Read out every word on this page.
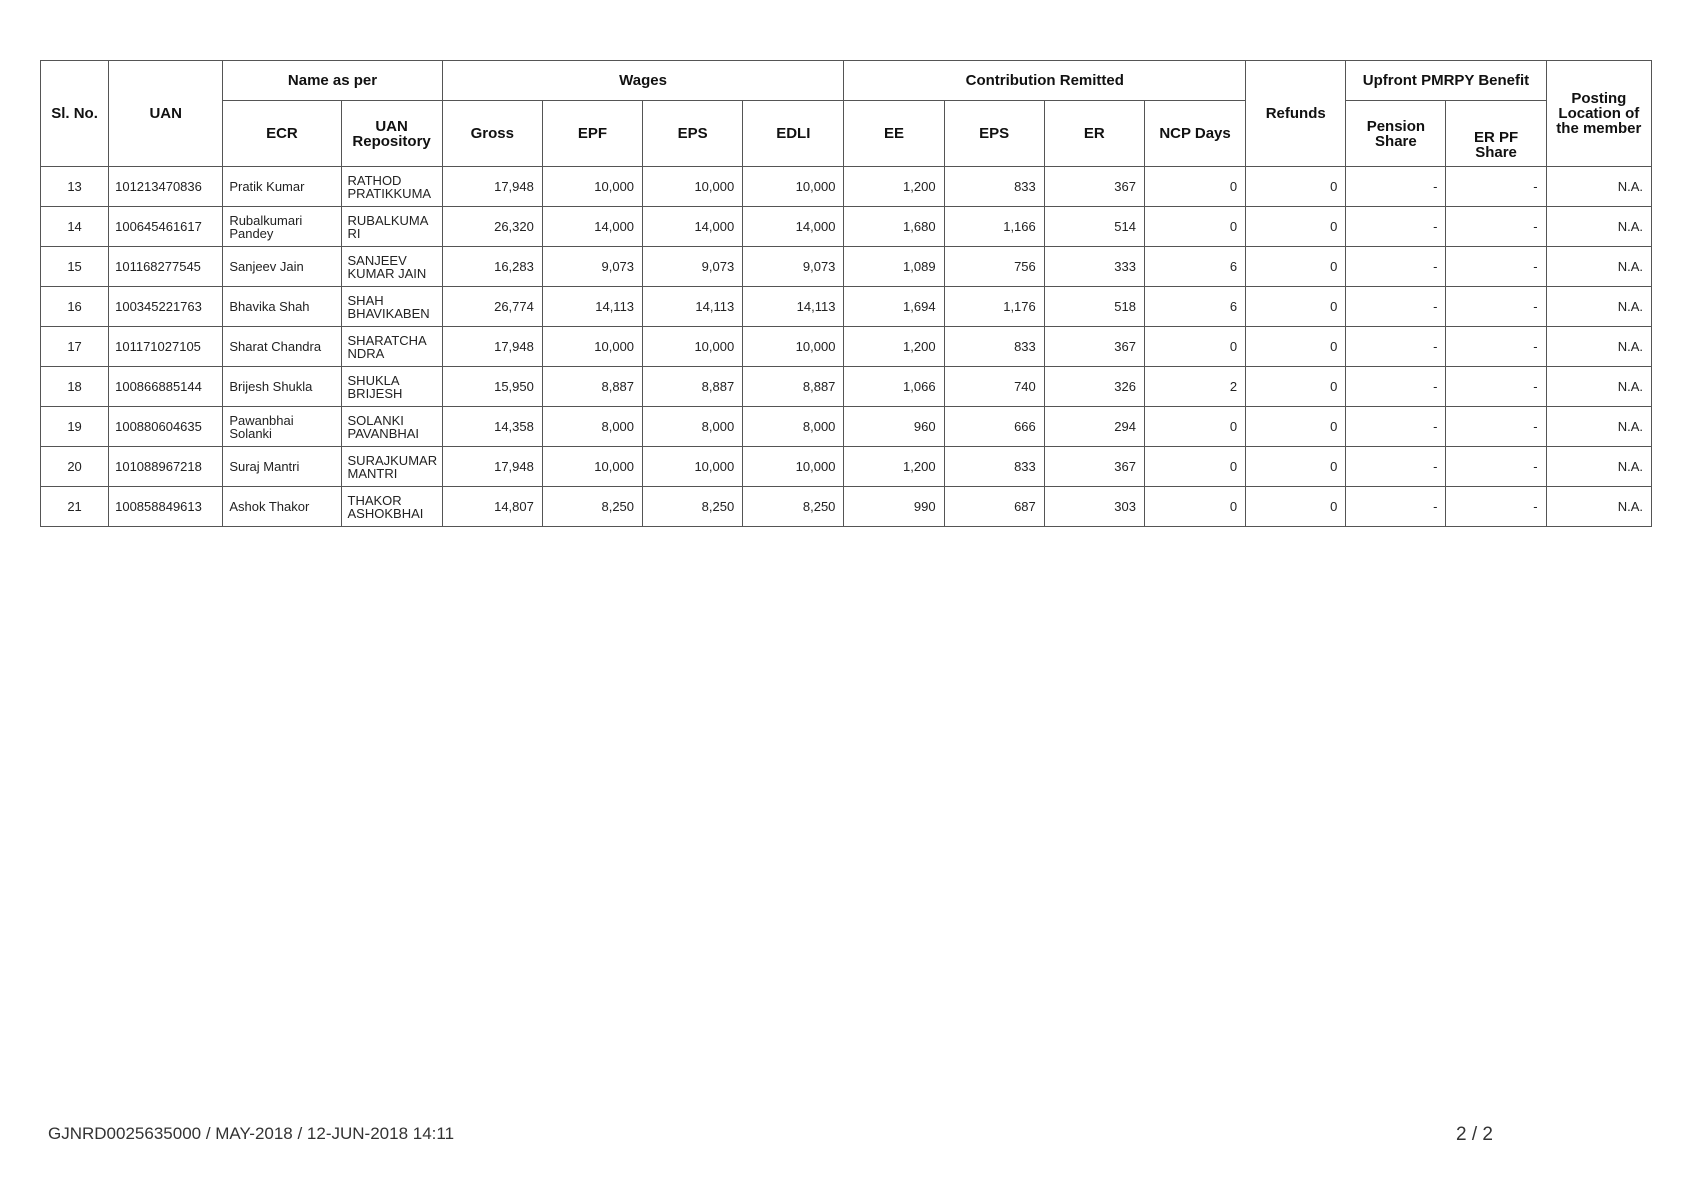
Sl. No.	UAN	Name as per		Wages				Contribution Remitted				Refunds	Upfront PMRPY Benefit		Posting Location of the member
		ECR	UAN Repository	Gross	EPF	EPS	EDLI	EE	EPS	ER	NCP Days		Pension Share	ER PF Share	
13	101213470836	Pratik Kumar	RATHOD PRATIKKUMA	17,948	10,000	10,000	10,000	1,200	833	367	0	0	-	-	N.A.
14	100645461617	Rubalkumari Pandey	RUBALKUMA RI	26,320	14,000	14,000	14,000	1,680	1,166	514	0	0	-	-	N.A.
15	101168277545	Sanjeev Jain	SANJEEV KUMAR JAIN	16,283	9,073	9,073	9,073	1,089	756	333	6	0	-	-	N.A.
16	100345221763	Bhavika Shah	SHAH BHAVIKABEN	26,774	14,113	14,113	14,113	1,694	1,176	518	6	0	-	-	N.A.
17	101171027105	Sharat Chandra	SHARATCHA NDRA	17,948	10,000	10,000	10,000	1,200	833	367	0	0	-	-	N.A.
18	100866885144	Brijesh Shukla	SHUKLA BRIJESH	15,950	8,887	8,887	8,887	1,066	740	326	2	0	-	-	N.A.
19	100880604635	Pawanbhai Solanki	SOLANKI PAVANBHAI	14,358	8,000	8,000	8,000	960	666	294	0	0	-	-	N.A.
20	101088967218	Suraj Mantri	SURAJKUMAR MANTRI	17,948	10,000	10,000	10,000	1,200	833	367	0	0	-	-	N.A.
21	100858849613	Ashok Thakor	THAKOR ASHOKBHAI	14,807	8,250	8,250	8,250	990	687	303	0	0	-	-	N.A.
GJNRD0025635000 / MAY-2018 / 12-JUN-2018 14:11	2 / 2
